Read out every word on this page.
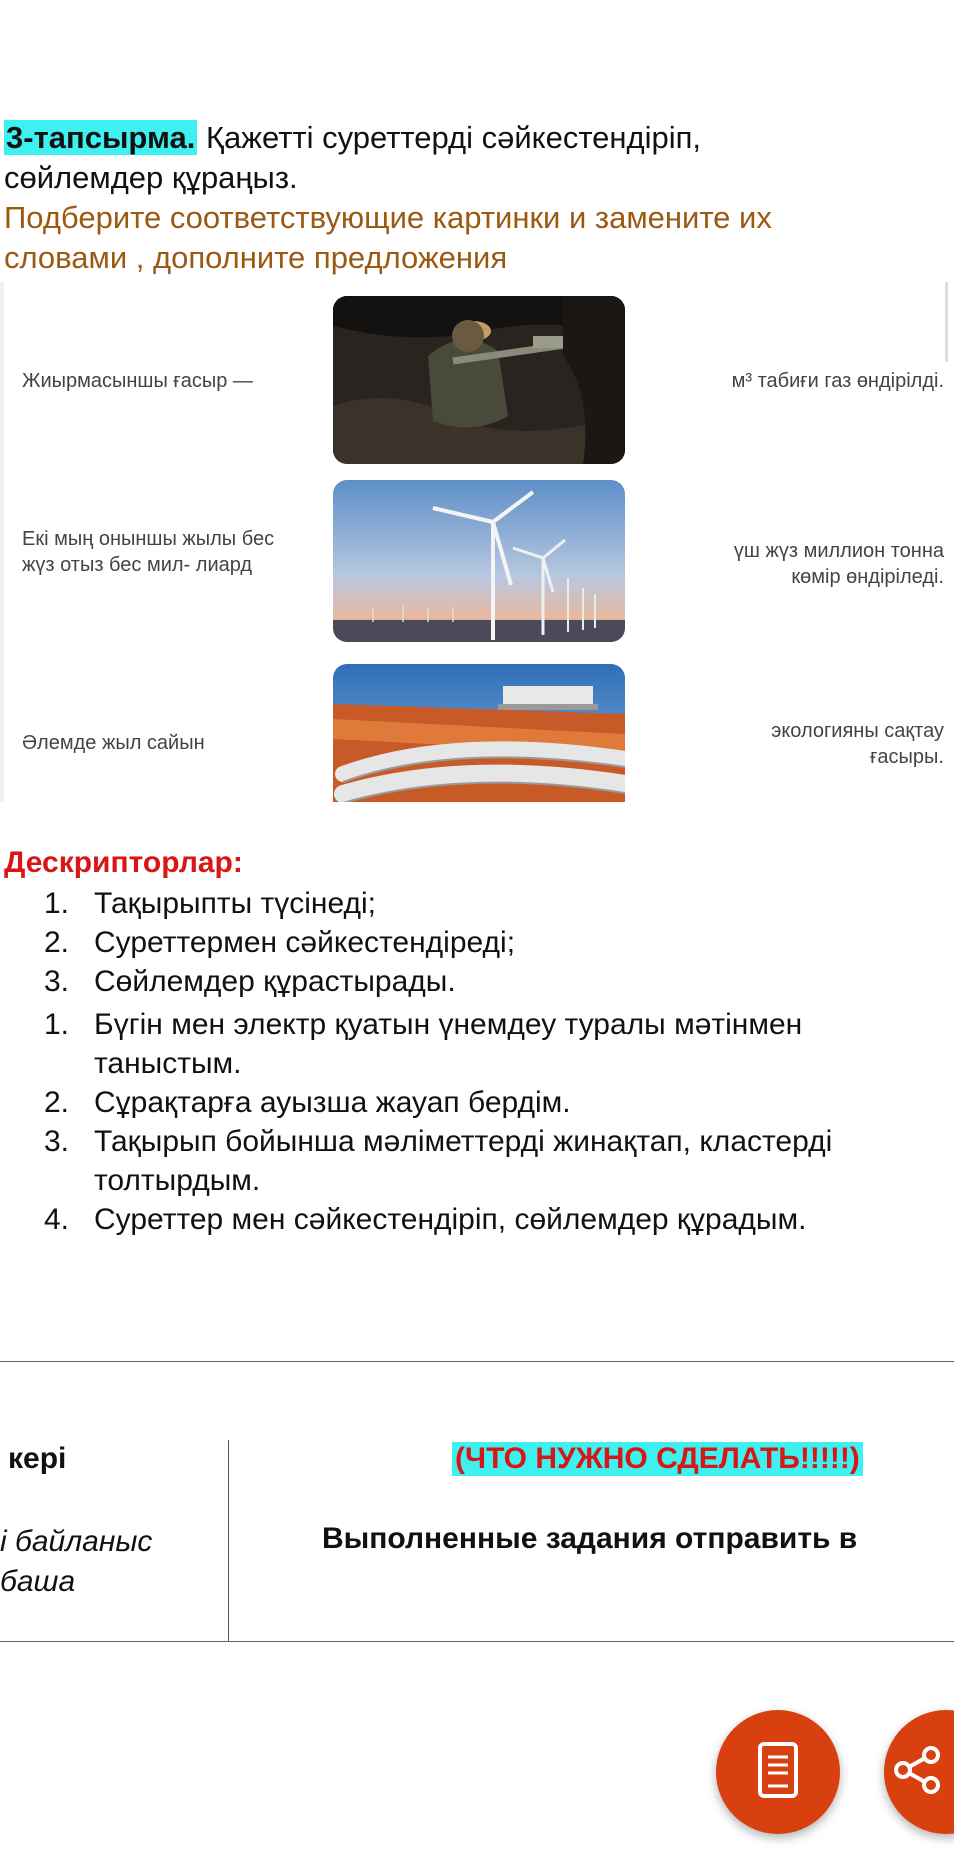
3-тапсырма. Қажетті суреттерді сәйкестендіріп,
сөйлемдер құраңыз.
Подберите соответствующие картинки и замените их
словами , дополните предложения
Жиырмасыншы ғасыр —
Екі мың оныншы жылы бес жүз отыз бес мил- лиард
Әлемде жыл сайын
м³ табиғи газ өндірілді.
үш жүз миллион тонна көмір өндіріледі.
экологияны сақтау ғасыры.
Дескрипторлар:
1. Тақырыпты түсінеді;
2. Суреттермен сәйкестендіреді;
3. Сөйлемдер құрастырады.
1. Бүгін мен электр қуатын үнемдеу туралы мәтінмен таныстым.
2. Сұрақтарға ауызша жауап бердім.
3. Тақырып бойынша мәліметтерді жинақтап, кластерді толтырдым.
4. Суреттер мен сәйкестендіріп, сөйлемдер құрадым.
кері
і байланыс баша
(ЧТО НУЖНО СДЕЛАТЬ!!!!!)
Выполненные задания отправить в
